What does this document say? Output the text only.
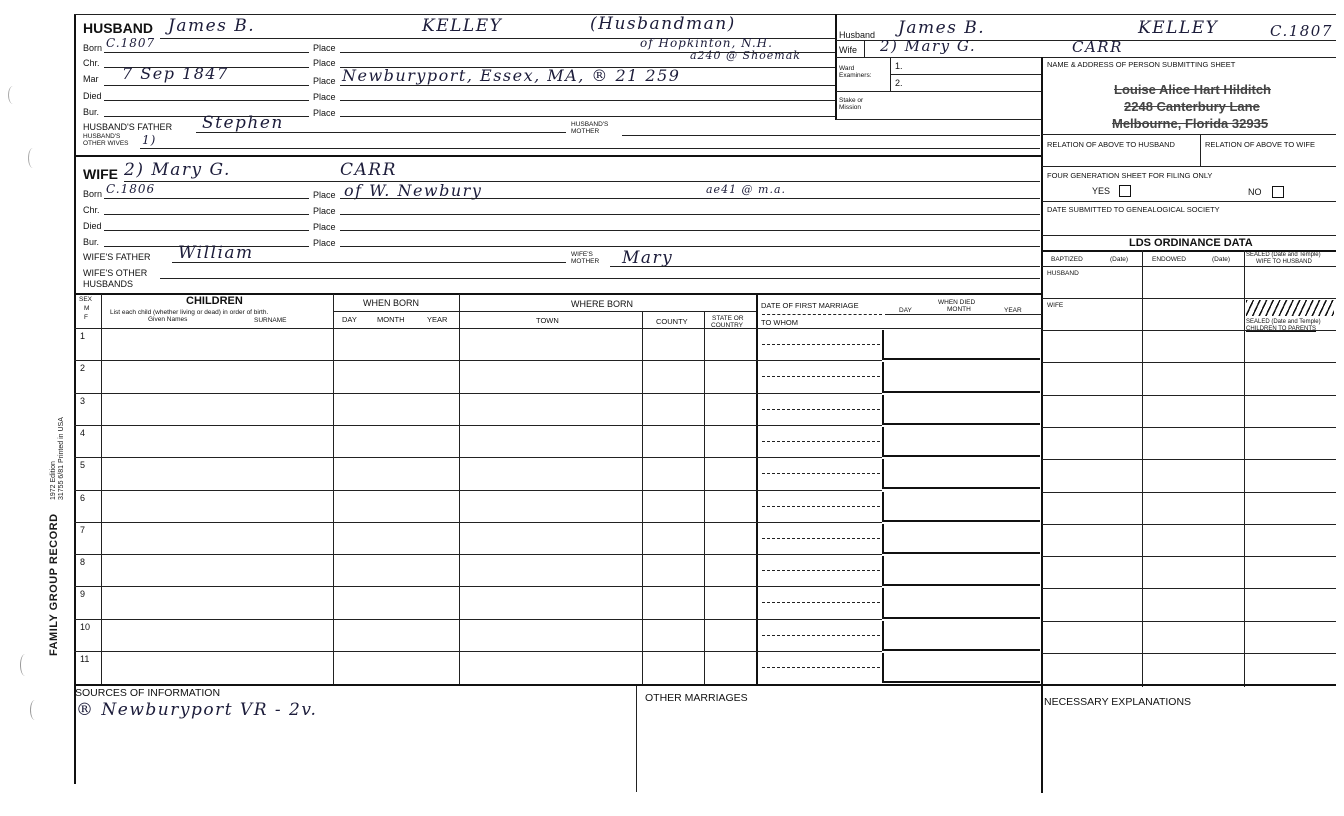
FAMILY GROUP RECORD
1972 Edition 31755 6/81 Printed in USA
HUSBAND James B.	KELLEY	(Husbandman)
Born C.1807	Place	of Hopkinton, N.H.
a240 @ Shoemak
Chr.	Place
Mar 7 Sep 1847	Place Newburyport, Essex, MA, ® 21 259
Died	Place
Bur.	Place
HUSBAND'S FATHER Stephen	HUSBAND'S
MOTHER
HUSBAND'S
OTHER WIVES 1)
WIFE 2) Mary G.	CARR
Born C.1806	Place of W. Newbury	ae41 @ m.a.
Chr.	Place
Died	Place
Bur.	Place
WIFE'S FATHER William	WIFE'S
MOTHER Mary
WIFE'S OTHER
HUSBANDS
Husband James B.	KELLEY	C.1807
Wife 2) Mary G.	CARR
Ward
Examiners:
1.
2.
Stake or
Mission
NAME & ADDRESS OF PERSON SUBMITTING SHEET
Louise Alice Hart Hilditch
2248 Canterbury Lane
Melbourne, Florida 32935
RELATION OF ABOVE TO HUSBAND	RELATION OF ABOVE TO WIFE
FOUR GENERATION SHEET FOR FILING ONLY
YES	NO
DATE SUBMITTED TO GENEALOGICAL SOCIETY
LDS ORDINANCE DATA
BAPTIZED	(Date)	ENDOWED	(Date)
SEALED (Date and Temple)
WIFE TO HUSBAND
HUSBAND
WIFE
SEALED (Date and Temple)
CHILDREN TO PARENTS
SEX
M
F
CHILDREN
List each child (whether living or dead) in order of birth.
Given Names	SURNAME
WHEN BORN
DAY	MONTH	YEAR
WHERE BORN
TOWN	COUNTY	STATE OR
COUNTRY
DATE OF FIRST MARRIAGE
TO WHOM
WHEN DIED
DAY	MONTH	YEAR
1
2
3
4
5
6
7
8
9
10
11
SOURCES OF INFORMATION
® Newburyport VR - 2v.
OTHER MARRIAGES	NECESSARY EXPLANATIONS
